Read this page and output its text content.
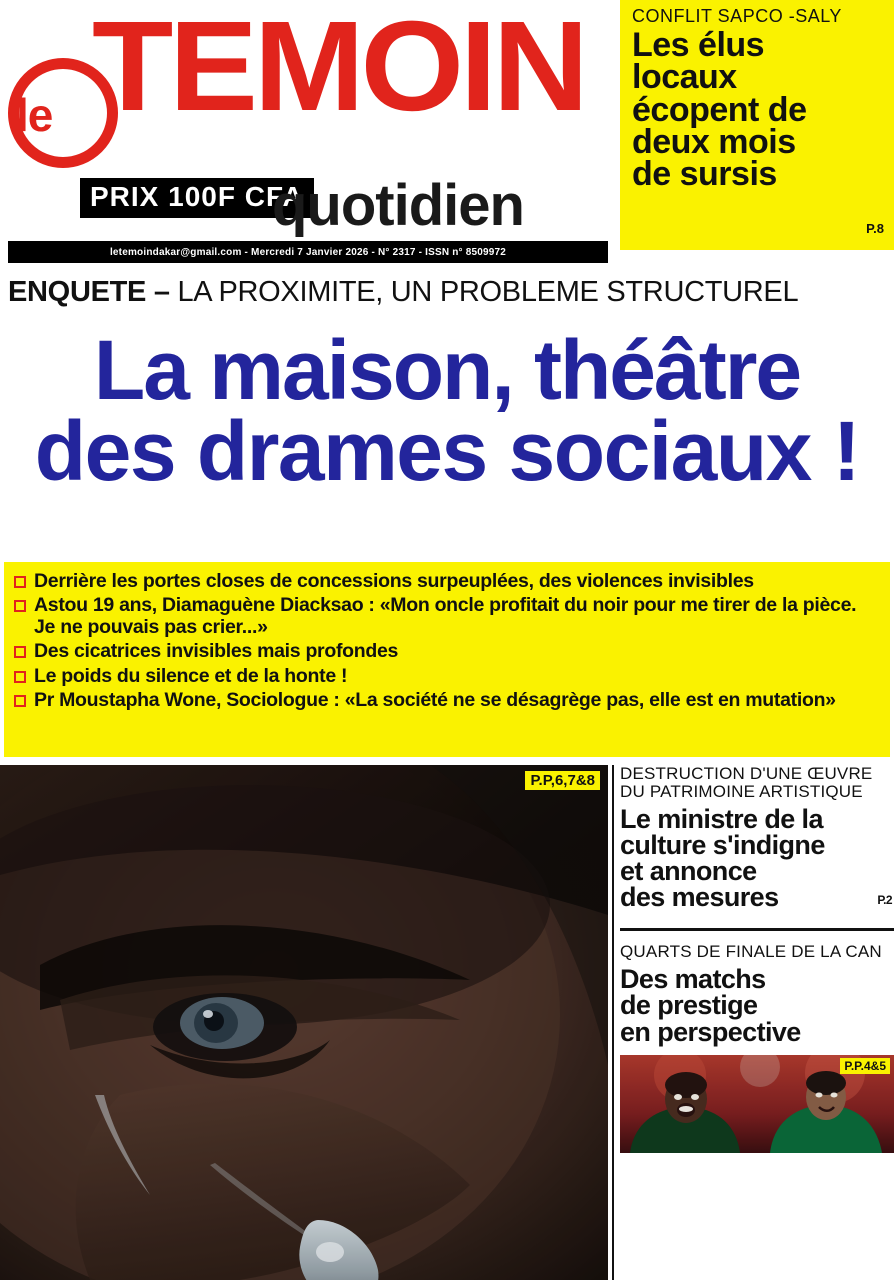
le TEMOIN
PRIX 100F CFA
quotidien
letemoindakar@gmail.com - Mercredi 7 Janvier 2026 - N° 2317 - ISSN n° 8509972
CONFLIT SAPCO -SALY
Les élus
locaux
écopent de
deux mois
de sursis
P.8
ENQUETE – LA PROXIMITE, UN PROBLEME STRUCTUREL
La maison, théâtre
des drames sociaux !
Derrière les portes closes de concessions surpeuplées, des violences invisibles
Astou 19 ans, Diamaguène Diacksao : «Mon oncle profitait du noir pour me tirer de la pièce. Je ne pouvais pas crier...»
Des cicatrices invisibles mais profondes
Le poids du silence et de la honte !
Pr Moustapha Wone, Sociologue : «La société ne se désagrège pas, elle est en mutation»
P.P,6,7&8 DESTRUCTION D'UNE ŒUVRE
DU PATRIMOINE ARTISTIQUE
Le ministre de la
culture s'indigne
et annonce
des mesures	P.2
QUARTS DE FINALE DE LA CAN
Des matchs
de prestige
en perspective
P.P.4&5
